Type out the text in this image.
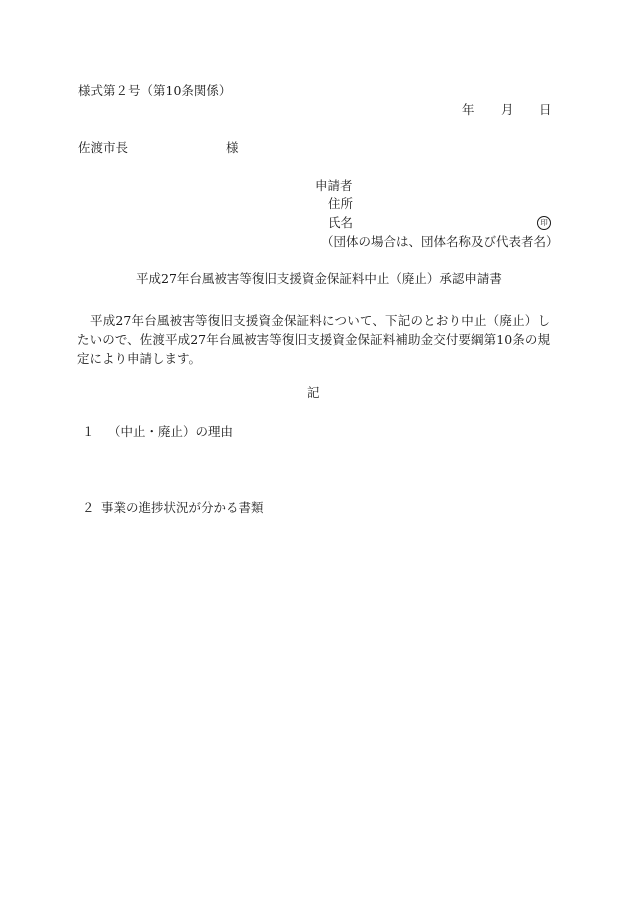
様式第２号（第10条関係）
年 月 日
佐渡市長	様
申請者
住所
氏名	印
（団体の場合は、団体名称及び代表者名）
平成27年台風被害等復旧支援資金保証料中止（廃止）承認申請書
平成27年台風被害等復旧支援資金保証料について、下記のとおり中止（廃止）したいので、佐渡平成27年台風被害等復旧支援資金保証料補助金交付要綱第10条の規定により申請します。
記
１ （中止・廃止）の理由
２ 事業の進捗状況が分かる書類
